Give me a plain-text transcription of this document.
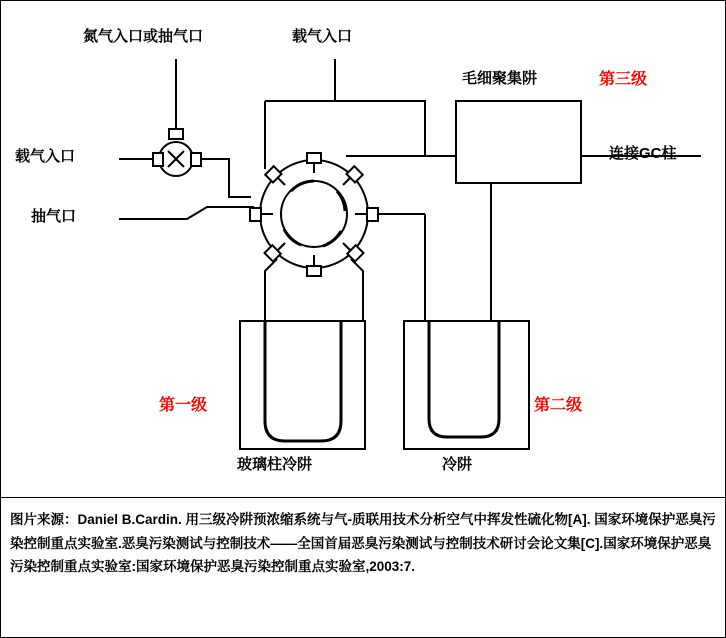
氮气入口或抽气口	载气入口
载气入口
抽气口
毛细聚集阱	第三级
连接GC柱
第一级	第二级
玻璃柱冷阱	冷阱
图片来源：Daniel B.Cardin. 用三级冷阱预浓缩系统与气-质联用技术分析空气中挥发性硫化物[A]. 国家环境保护恶臭污染控制重点实验室.恶臭污染测试与控制技术——全国首届恶臭污染测试与控制技术研讨会论文集[C].国家环境保护恶臭污染控制重点实验室:国家环境保护恶臭污染控制重点实验室,2003:7.
